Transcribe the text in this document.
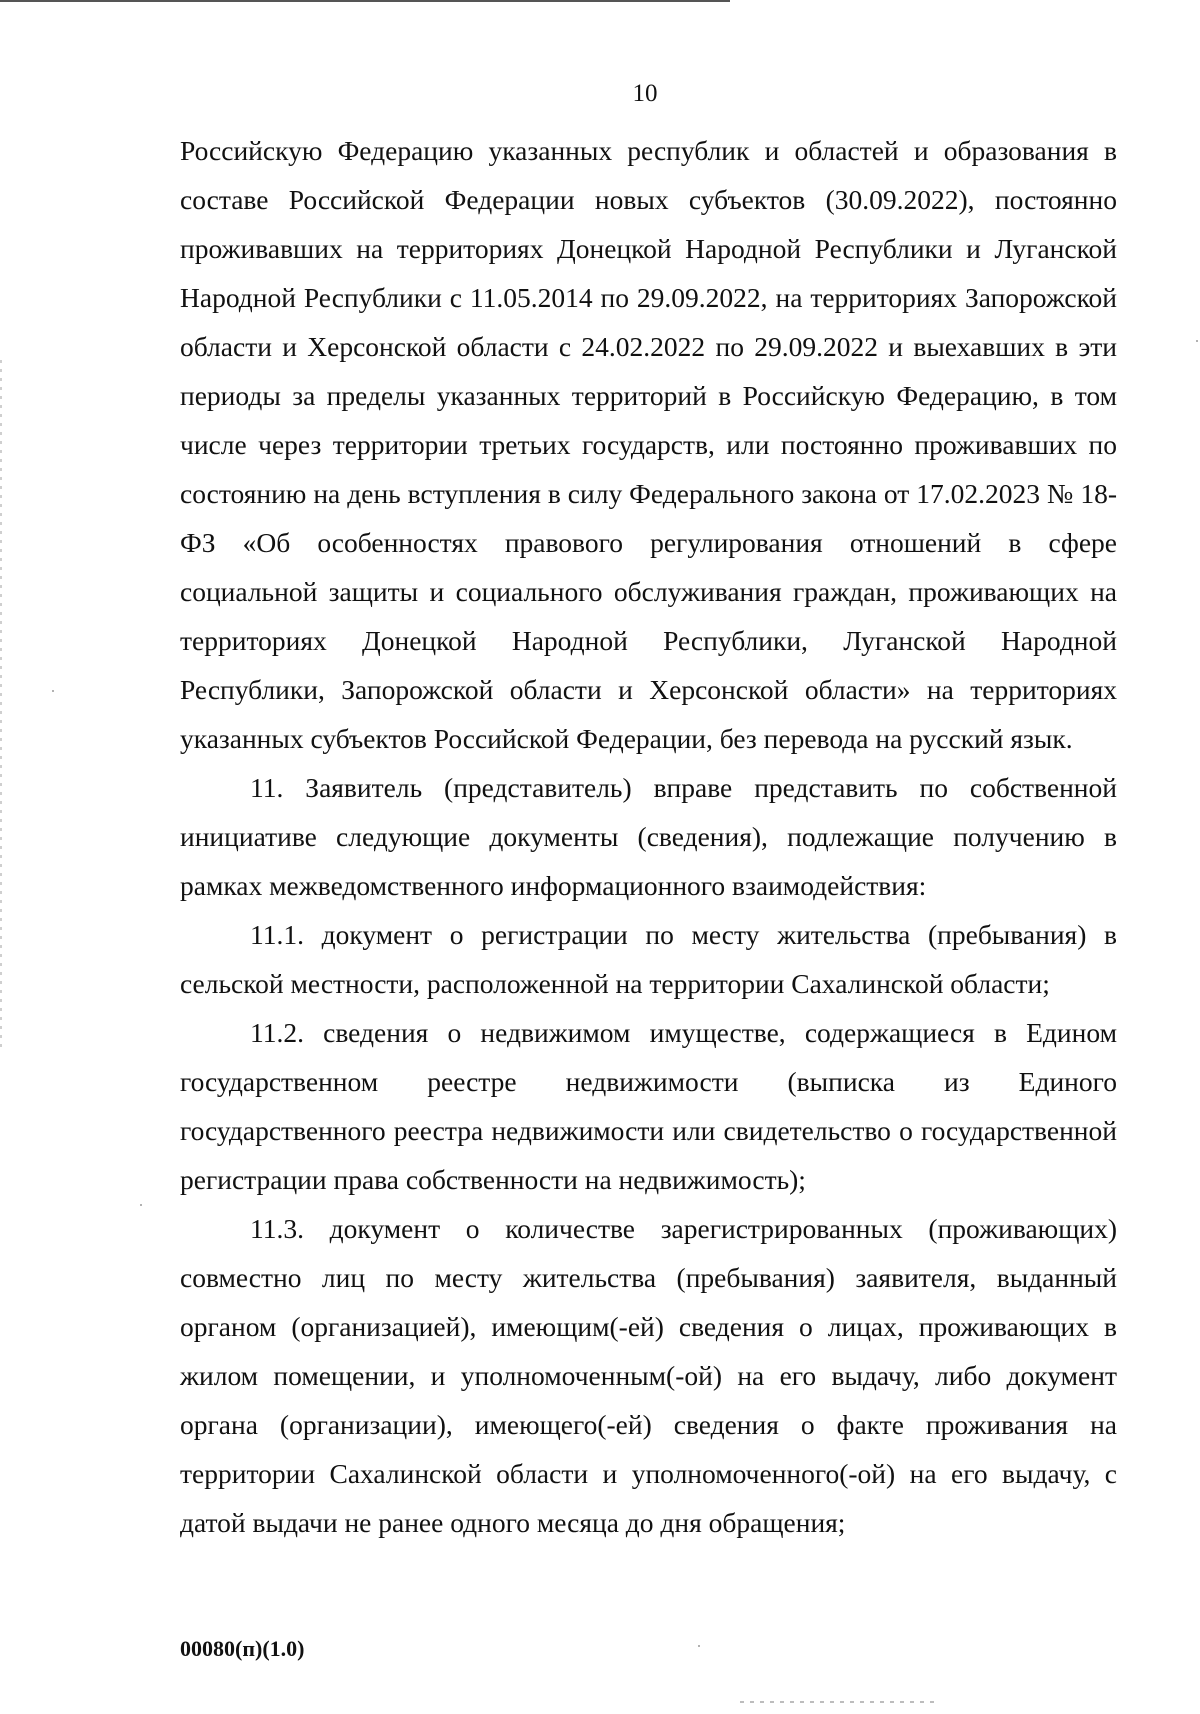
10

Российскую Федерацию указанных республик и областей и образования в составе Российской Федерации новых субъектов (30.09.2022), постоянно проживавших на территориях Донецкой Народной Республики и Луганской Народной Республики с 11.05.2014 по 29.09.2022, на территориях Запорожской области и Херсонской области с 24.02.2022 по 29.09.2022 и выехавших в эти периоды за пределы указанных территорий в Российскую Федерацию, в том числе через территории третьих государств, или постоянно проживавших по состоянию на день вступления в силу Федерального закона от 17.02.2023 № 18-ФЗ «Об особенностях правового регулирования отношений в сфере социальной защиты и социального обслуживания граждан, проживающих на территориях Донецкой Народной Республики, Луганской Народной Республики, Запорожской области и Херсонской области» на территориях указанных субъектов Российской Федерации, без перевода на русский язык.

11. Заявитель (представитель) вправе представить по собственной инициативе следующие документы (сведения), подлежащие получению в рамках межведомственного информационного взаимодействия:

11.1. документ о регистрации по месту жительства (пребывания) в сельской местности, расположенной на территории Сахалинской области;

11.2. сведения о недвижимом имуществе, содержащиеся в Едином государственном реестре недвижимости (выписка из Единого государственного реестра недвижимости или свидетельство о государственной регистрации права собственности на недвижимость);

11.3. документ о количестве зарегистрированных (проживающих) совместно лиц по месту жительства (пребывания) заявителя, выданный органом (организацией), имеющим(-ей) сведения о лицах, проживающих в жилом помещении, и уполномоченным(-ой) на его выдачу, либо документ органа (организации), имеющего(-ей) сведения о факте проживания на территории Сахалинской области и уполномоченного(-ой) на его выдачу, с датой выдачи не ранее одного месяца до дня обращения;

00080(п)(1.0)
